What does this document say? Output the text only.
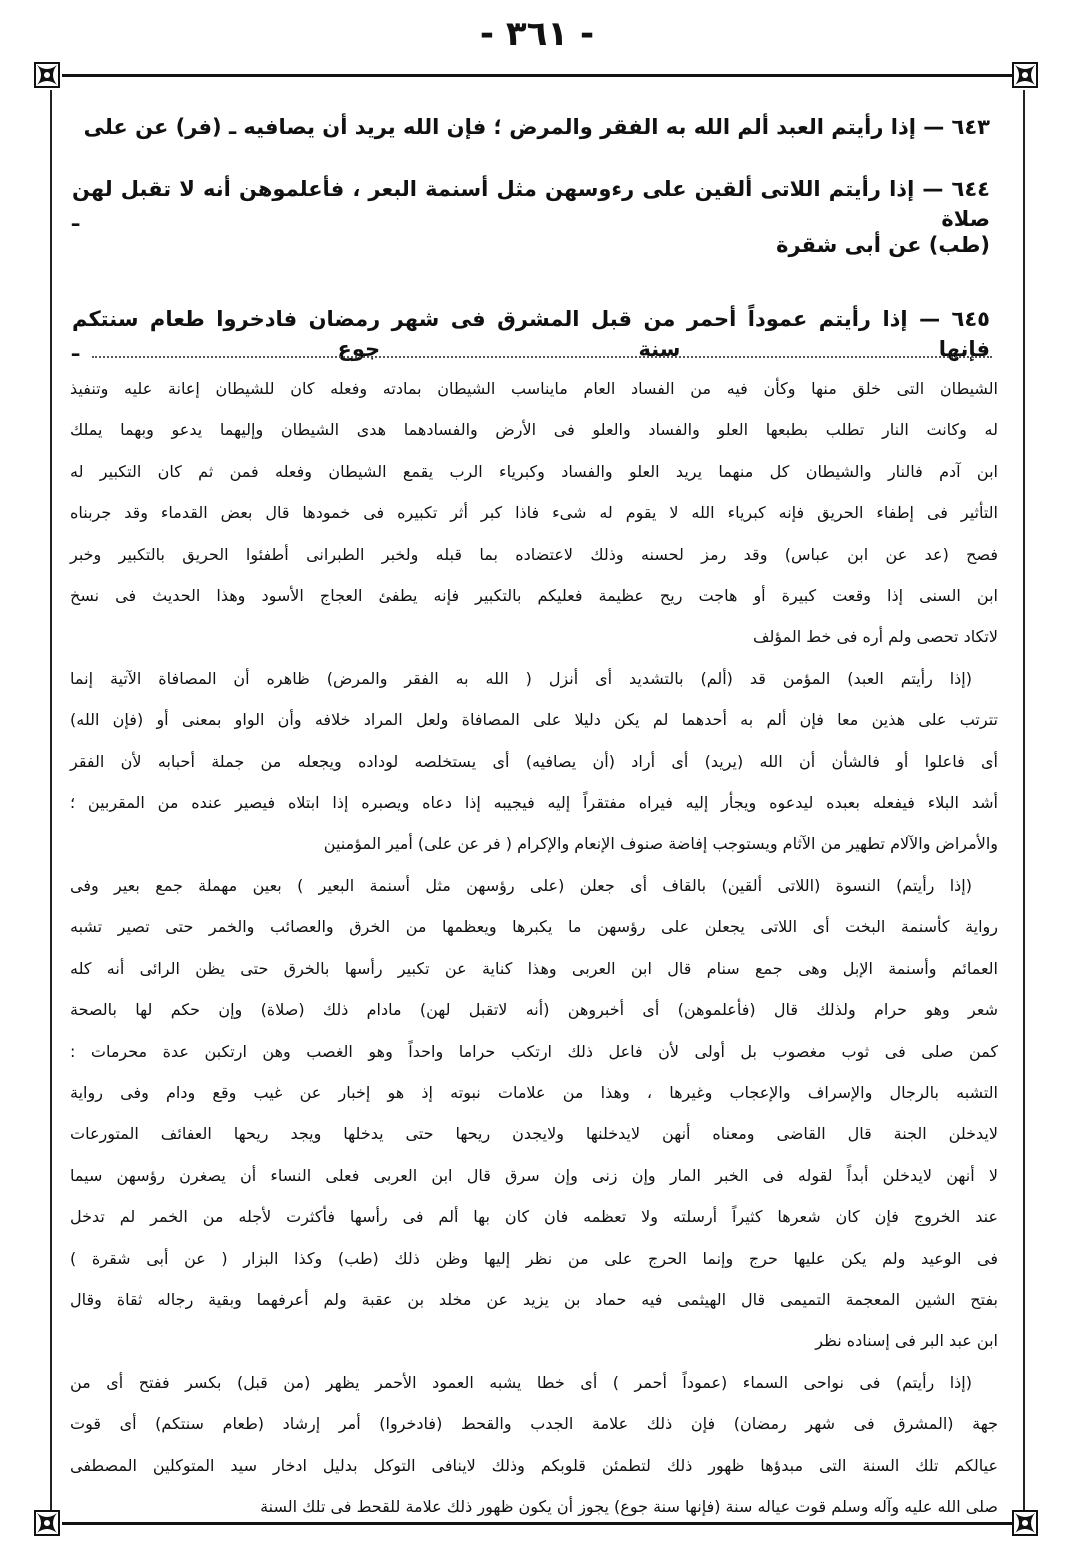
- ٣٦١ -
٦٤٣ — إذا رأيتم العبد ألم الله به الفقر والمرض ؛ فإن الله يريد أن يصافيه ـ (فر) عن على
٦٤٤ — إذا رأيتم اللاتى ألقين على رءوسهن مثل أسنمة البعر ، فأعلموهن أنه لا تقبل لهن صلاة ـ
(طب) عن أبى شقرة
٦٤٥ — إذا رأيتم عموداً أحمر من قبل المشرق فى شهر رمضان فادخروا طعام سنتكم فإنها سنة جوع ـ
الشيطان التى خلق منها وكأن فيه من الفساد العام مايناسب الشيطان بمادته وفعله كان للشيطان إعانة عليه وتنفيذ
له وكانت النار تطلب بطبعها العلو والفساد والعلو فى الأرض والفسادهما هدى الشيطان وإليهما يدعو وبهما يملك
ابن آدم فالنار والشيطان كل منهما يريد العلو والفساد وكبرياء الرب يقمع الشيطان وفعله فمن ثم كان التكبير له
التأثير فى إطفاء الحريق فإنه كبرياء الله لا يقوم له شىء فاذا كبر أثر تكبيره فى خمودها قال بعض القدماء وقد جربناه
فصح (عد عن ابن عباس) وقد رمز لحسنه وذلك لاعتضاده بما قبله ولخبر الطبرانى أطفئوا الحريق بالتكبير وخبر
ابن السنى إذا وقعت كبيرة أو هاجت ريح عظيمة فعليكم بالتكبير فإنه يطفئ العجاج الأسود وهذا الحديث فى نسخ
لاتكاد تحصى ولم أره فى خط المؤلف
(إذا رأيتم العبد) المؤمن قد (ألم) بالتشديد أى أنزل ( الله به الفقر والمرض) ظاهره أن المصافاة الآتية إنما
تترتب على هذين معا فإن ألم به أحدهما لم يكن دليلا على المصافاة ولعل المراد خلافه وأن الواو بمعنى أو (فإن الله)
أى فاعلوا أو فالشأن أن الله (يريد) أى أراد (أن يصافيه) أى يستخلصه لوداده ويجعله من جملة أحبابه لأن الفقر
أشد البلاء فيفعله بعبده ليدعوه ويجأر إليه فيراه مفتقراً إليه فيجيبه إذا دعاه ويصبره إذا ابتلاه فيصير عنده من المقربين ؛
والأمراض والآلام تطهير من الآثام ويستوجب إفاضة صنوف الإنعام والإكرام ( فر عن على) أمير المؤمنين
(إذا رأيتم) النسوة (اللاتى ألقين) بالقاف أى جعلن (على رؤسهن مثل أسنمة البعير ) بعين مهملة جمع بعير وفى
رواية كأسنمة البخت أى اللاتى يجعلن على رؤسهن ما يكبرها ويعظمها من الخرق والعصائب والخمر حتى تصير تشبه
العمائم وأسنمة الإبل وهى جمع سنام قال ابن العربى وهذا كناية عن تكبير رأسها بالخرق حتى يظن الرائى أنه كله
شعر وهو حرام ولذلك قال (فأعلموهن) أى أخبروهن (أنه لاتقبل لهن) مادام ذلك (صلاة) وإن حكم لها بالصحة
كمن صلى فى ثوب مغصوب بل أولى لأن فاعل ذلك ارتكب حراما واحداً وهو الغصب وهن ارتكبن عدة محرمات :
التشبه بالرجال والإسراف والإعجاب وغيرها ، وهذا من علامات نبوته إذ هو إخبار عن غيب وقع ودام وفى رواية
لايدخلن الجنة قال القاضى ومعناه أنهن لايدخلنها ولايجدن ريحها حتى يدخلها ويجد ريحها العفائف المتورعات
لا أنهن لايدخلن أبداً لقوله فى الخبر المار وإن زنى وإن سرق قال ابن العربى فعلى النساء أن يصغرن رؤسهن سيما
عند الخروج فإن كان شعرها كثيراً أرسلته ولا تعظمه فان كان بها ألم فى رأسها فأكثرت لأجله من الخمر لم تدخل
فى الوعيد ولم يكن عليها حرج وإنما الحرج على من نظر إليها وظن ذلك (طب) وكذا البزار ( عن أبى شقرة )
بفتح الشين المعجمة التميمى قال الهيثمى فيه حماد بن يزيد عن مخلد بن عقبة ولم أعرفهما وبقية رجاله ثقاة وقال
ابن عبد البر فى إسناده نظر
(إذا رأيتم) فى نواحى السماء (عموداً أحمر ) أى خطا يشبه العمود الأحمر يظهر (من قبل) بكسر ففتح أى من
جهة (المشرق فى شهر رمضان) فإن ذلك علامة الجدب والقحط (فادخروا) أمر إرشاد (طعام سنتكم) أى قوت
عيالكم تلك السنة التى مبدؤها ظهور ذلك لتطمئن قلوبكم وذلك لاينافى التوكل بدليل ادخار سيد المتوكلين المصطفى
صلى الله عليه وآله وسلم قوت عياله سنة (فإنها سنة جوع) يجوز أن يكون ظهور ذلك علامة للقحط فى تلك السنة
